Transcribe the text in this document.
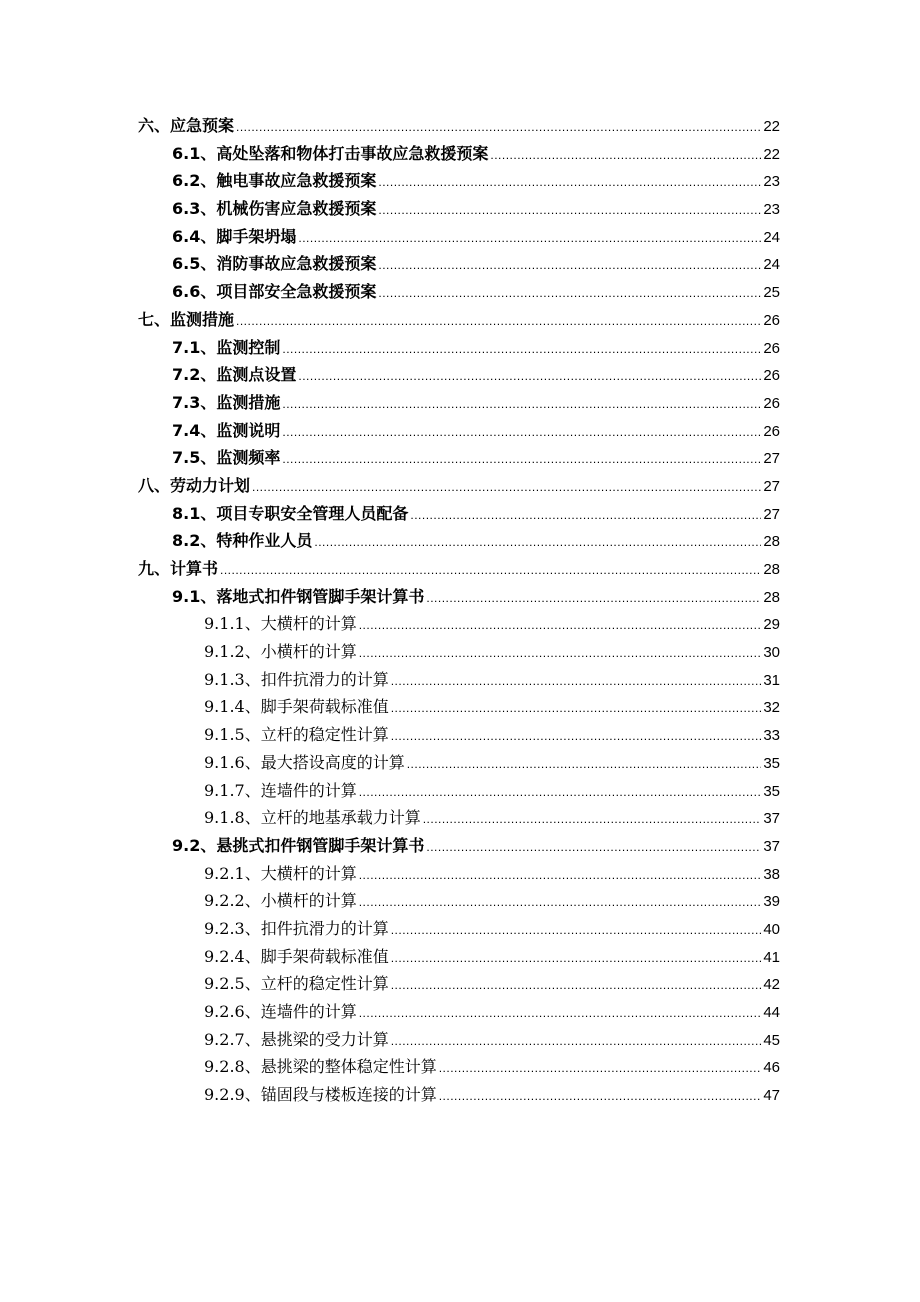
六、应急预案 .....	22
6.1、高处坠落和物体打击事故应急救援预案 .....	22
6.2、触电事故应急救援预案 .....	23
6.3、机械伤害应急救援预案 .....	23
6.4、脚手架坍塌 .....	24
6.5、消防事故应急救援预案 .....	24
6.6、项目部安全急救援预案 .....	25
七、监测措施 .....	26
7.1、监测控制 .....	26
7.2、监测点设置 .....	26
7.3、监测措施 .....	26
7.4、监测说明 .....	26
7.5、监测频率 .....	27
八、劳动力计划 .....	27
8.1、项目专职安全管理人员配备 .....	27
8.2、特种作业人员 .....	28
九、计算书 .....	28
9.1、落地式扣件钢管脚手架计算书 .....	28
9.1.1、大横杆的计算 .....	29
9.1.2、小横杆的计算 .....	30
9.1.3、扣件抗滑力的计算 .....	31
9.1.4、脚手架荷载标准值 .....	32
9.1.5、立杆的稳定性计算 .....	33
9.1.6、最大搭设高度的计算 .....	35
9.1.7、连墙件的计算 .....	35
9.1.8、立杆的地基承载力计算 .....	37
9.2、悬挑式扣件钢管脚手架计算书 .....	37
9.2.1、大横杆的计算 .....	38
9.2.2、小横杆的计算 .....	39
9.2.3、扣件抗滑力的计算 .....	40
9.2.4、脚手架荷载标准值 .....	41
9.2.5、立杆的稳定性计算 .....	42
9.2.6、连墙件的计算 .....	44
9.2.7、悬挑梁的受力计算 .....	45
9.2.8、悬挑梁的整体稳定性计算 .....	46
9.2.9、锚固段与楼板连接的计算 .....	47
